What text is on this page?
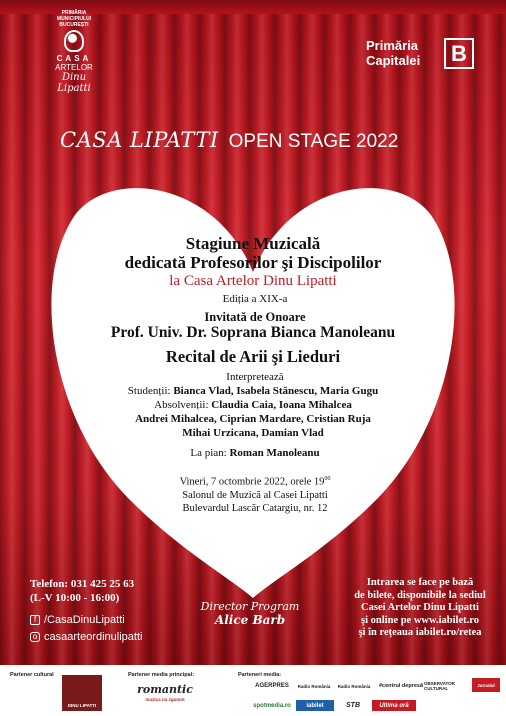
PRIMĂRIA
MUNICIPIULUI
BUCUREȘTI
CASA
ARTELOR
Dinu Lipatti
Primăria
Capitalei	B
CASA LIPATTI OPEN STAGE 2022
Stagiune Muzicală
dedicată Profesorilor şi Discipolilor
la Casa Artelor Dinu Lipatti
Ediția a XIX-a
Invitată de Onoare
Prof. Univ. Dr. Soprana Bianca Manoleanu
Recital de Arii şi Lieduri
Interpretează
Studenții: Bianca Vlad, Isabela Stănescu, Maria Gugu
Absolvenții: Claudia Caia, Ioana Mihalcea
Andrei Mihalcea, Ciprian Mardare, Cristian Ruja
Mihai Urzicana, Damian Vlad
La pian: Roman Manoleanu
Vineri, 7 octombrie 2022, orele $19^{00}$
Salonul de Muzică al Casei Lipatti
Bulevardul Lascăr Catargiu, nr. 12
Telefon: 031 425 25 63
(L-V 10:00 - 16:00)
f /CasaDinuLipatti
o casaarteordinulipatti
Director Program
Alice Barb
Intrarea se face pe bază
de bilete, disponibile la sediul
Casei Artelor Dinu Lipatti
şi online pe www.iabilet.ro
şi în rețeaua iabilet.ro/retea
Partener cultural	Partener media principal:	Parteneri media:
DINU LIPATTI
romantic
muzica nu zgomot
AGERPRES	Radio România	Radio România	#centrul depresă OBSERVATOR CULTURAL
Jurnalul
spotmedia.ro	iabilet	STB	Ultima oră
